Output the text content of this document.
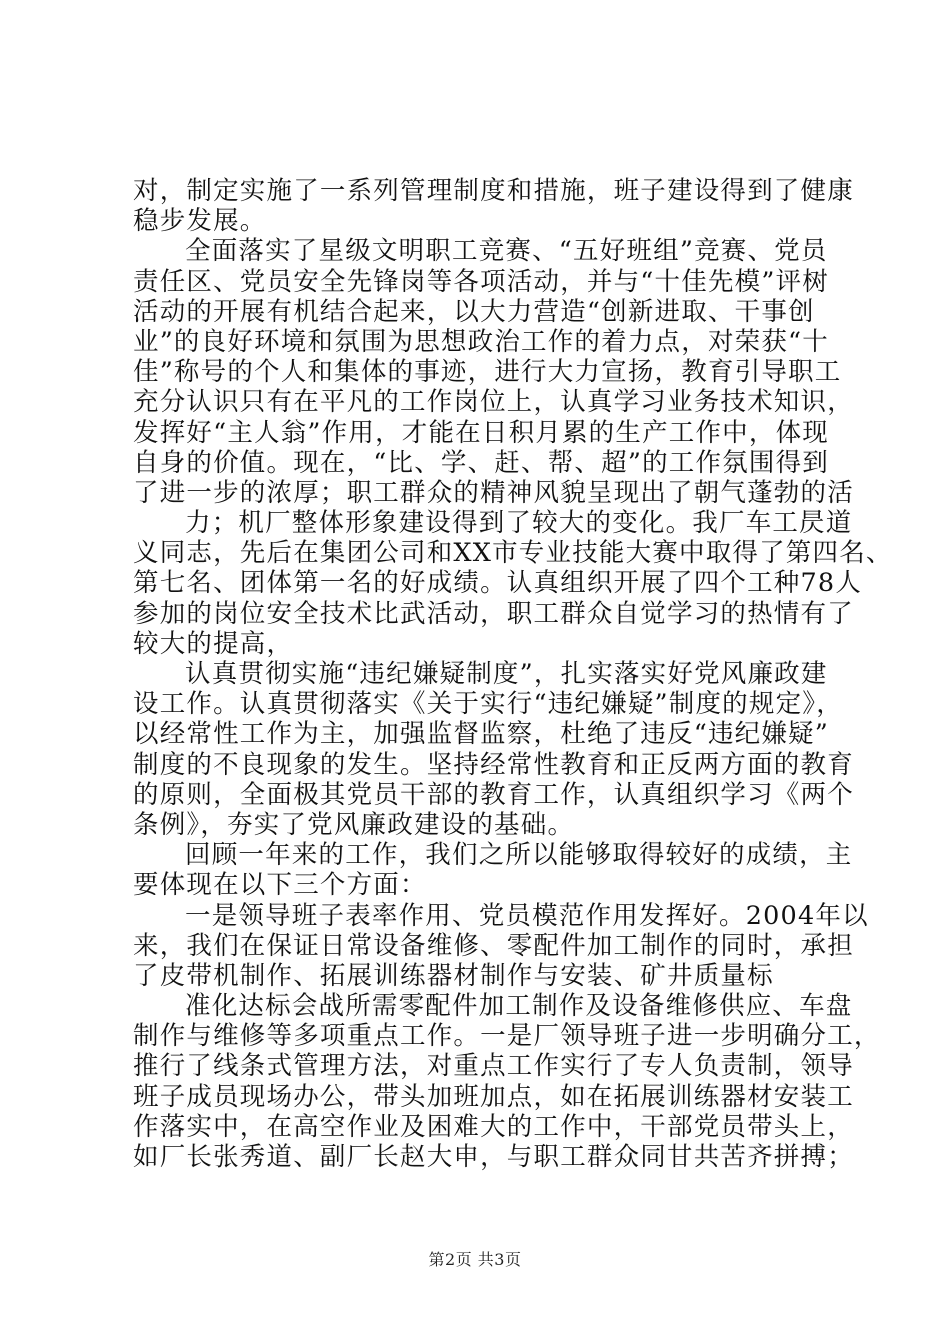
对，制定实施了一系列管理制度和措施，班子建设得到了健康
稳步发展。
全面落实了星级文明职工竞赛、“五好班组”竞赛、党员
责任区、党员安全先锋岗等各项活动，并与“十佳先模”评树
活动的开展有机结合起来，以大力营造“创新进取、干事创
业”的良好环境和氛围为思想政治工作的着力点，对荣获“十
佳”称号的个人和集体的事迹，进行大力宣扬，教育引导职工
充分认识只有在平凡的工作岗位上，认真学习业务技术知识，
发挥好“主人翁”作用，才能在日积月累的生产工作中，体现
自身的价值。现在，“比、学、赶、帮、超”的工作氛围得到
了进一步的浓厚；职工群众的精神风貌呈现出了朝气蓬勃的活
力；机厂整体形象建设得到了较大的变化。我厂车工昃道
义同志，先后在集团公司和XX市专业技能大赛中取得了第四名、
第七名、团体第一名的好成绩。认真组织开展了四个工种78人
参加的岗位安全技术比武活动，职工群众自觉学习的热情有了
较大的提高，
认真贯彻实施“违纪嫌疑制度”，扎实落实好党风廉政建
设工作。认真贯彻落实《关于实行“违纪嫌疑”制度的规定》，
以经常性工作为主，加强监督监察，杜绝了违反“违纪嫌疑”
制度的不良现象的发生。坚持经常性教育和正反两方面的教育
的原则，全面极其党员干部的教育工作，认真组织学习《两个
条例》，夯实了党风廉政建设的基础。
回顾一年来的工作，我们之所以能够取得较好的成绩，主
要体现在以下三个方面：
一是领导班子表率作用、党员模范作用发挥好。2004年以
来，我们在保证日常设备维修、零配件加工制作的同时，承担
了皮带机制作、拓展训练器材制作与安装、矿井质量标
准化达标会战所需零配件加工制作及设备维修供应、车盘
制作与维修等多项重点工作。一是厂领导班子进一步明确分工，
推行了线条式管理方法，对重点工作实行了专人负责制，领导
班子成员现场办公，带头加班加点，如在拓展训练器材安装工
作落实中，在高空作业及困难大的工作中，干部党员带头上，
如厂长张秀道、副厂长赵大申，与职工群众同甘共苦齐拼搏；
第2页 共3页
